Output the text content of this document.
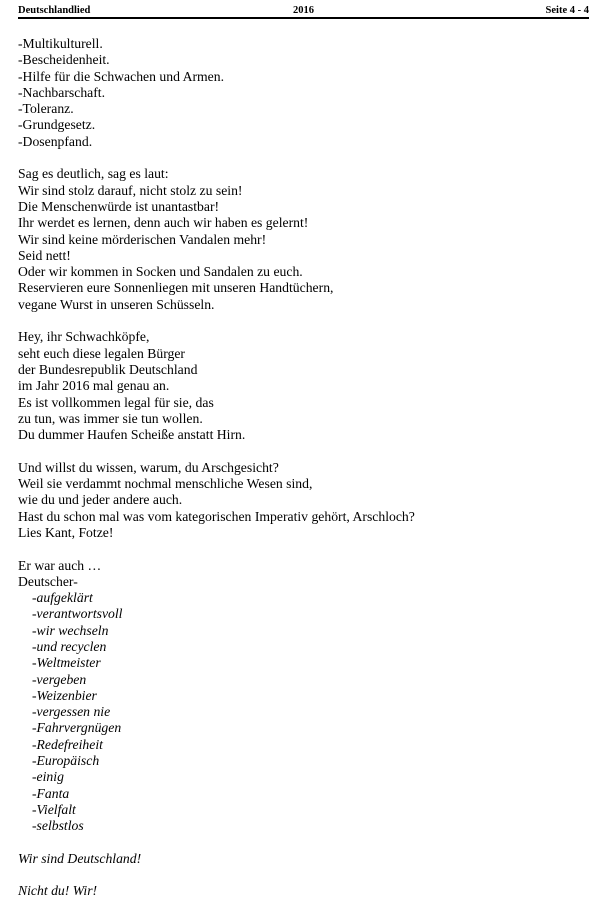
Deutschlandlied	2016	Seite 4 - 4

-Multikulturell.
-Bescheidenheit.
-Hilfe für die Schwachen und Armen.
-Nachbarschaft.
-Toleranz.
-Grundgesetz.
-Dosenpfand.

Sag es deutlich, sag es laut:
Wir sind stolz darauf, nicht stolz zu sein!
Die Menschenwürde ist unantastbar!
Ihr werdet es lernen, denn auch wir haben es gelernt!
Wir sind keine mörderischen Vandalen mehr!
Seid nett!
Oder wir kommen in Socken und Sandalen zu euch.
Reservieren eure Sonnenliegen mit unseren Handtüchern,
vegane Wurst in unseren Schüsseln.

Hey, ihr Schwachköpfe,
seht euch diese legalen Bürger
der Bundesrepublik Deutschland
im Jahr 2016 mal genau an.
Es ist vollkommen legal für sie, das
zu tun, was immer sie tun wollen.
Du dummer Haufen Scheiße anstatt Hirn.

Und willst du wissen, warum, du Arschgesicht?
Weil sie verdammt nochmal menschliche Wesen sind,
wie du und jeder andere auch.
Hast du schon mal was vom kategorischen Imperativ gehört, Arschloch?
Lies Kant, Fotze!

Er war auch …
Deutscher-
-aufgeklärt
-verantwortsvoll
-wir wechseln
-und recyclen
-Weltmeister
-vergeben
-Weizenbier
-vergessen nie
-Fahrvergnügen
-Redefreiheit
-Europäisch
-einig
-Fanta
-Vielfalt
-selbstlos

Wir sind Deutschland!

Nicht du! Wir!
